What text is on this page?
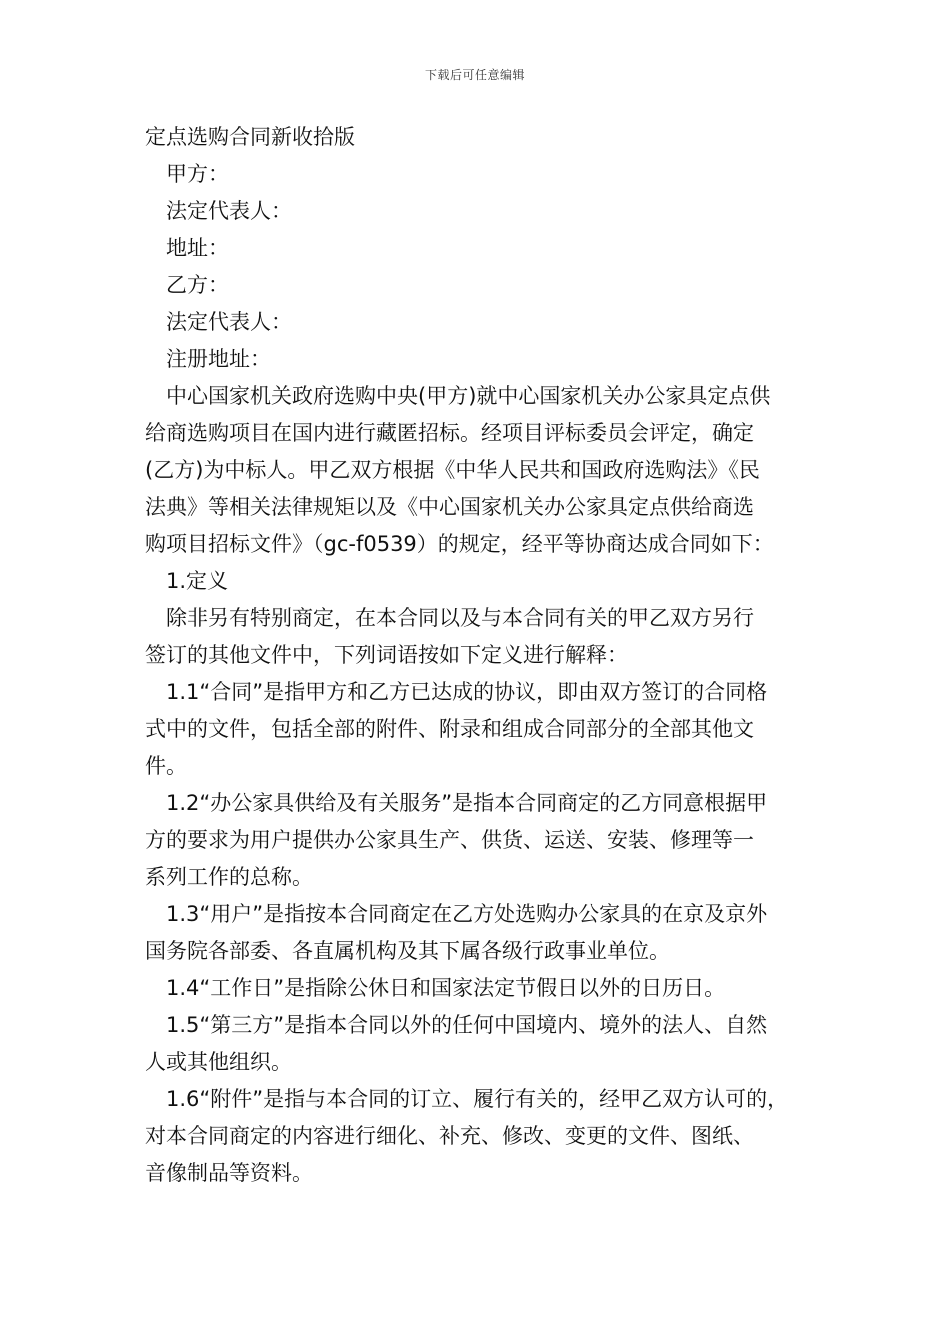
下载后可任意编辑

定点选购合同新收拾版

甲方：

法定代表人：

地址：

乙方：

法定代表人：

注册地址：

中心国家机关政府选购中央(甲方)就中心国家机关办公家具定点供

给商选购项目在国内进行藏匿招标。经项目评标委员会评定，确定

(乙方)为中标人。甲乙双方根据《中华人民共和国政府选购法》《民

法典》等相关法律规矩以及《中心国家机关办公家具定点供给商选

购项目招标文件》（gc-f0539）的规定，经平等协商达成合同如下：

1.定义

除非另有特别商定，在本合同以及与本合同有关的甲乙双方另行

签订的其他文件中，下列词语按如下定义进行解释：

1.1“合同”是指甲方和乙方已达成的协议，即由双方签订的合同格

式中的文件，包括全部的附件、附录和组成合同部分的全部其他文

件。

1.2“办公家具供给及有关服务”是指本合同商定的乙方同意根据甲

方的要求为用户提供办公家具生产、供货、运送、安装、修理等一

系列工作的总称。

1.3“用户”是指按本合同商定在乙方处选购办公家具的在京及京外

国务院各部委、各直属机构及其下属各级行政事业单位。

1.4“工作日”是指除公休日和国家法定节假日以外的日历日。

1.5“第三方”是指本合同以外的任何中国境内、境外的法人、自然

人或其他组织。

1.6“附件”是指与本合同的订立、履行有关的，经甲乙双方认可的，

对本合同商定的内容进行细化、补充、修改、变更的文件、图纸、

音像制品等资料。
